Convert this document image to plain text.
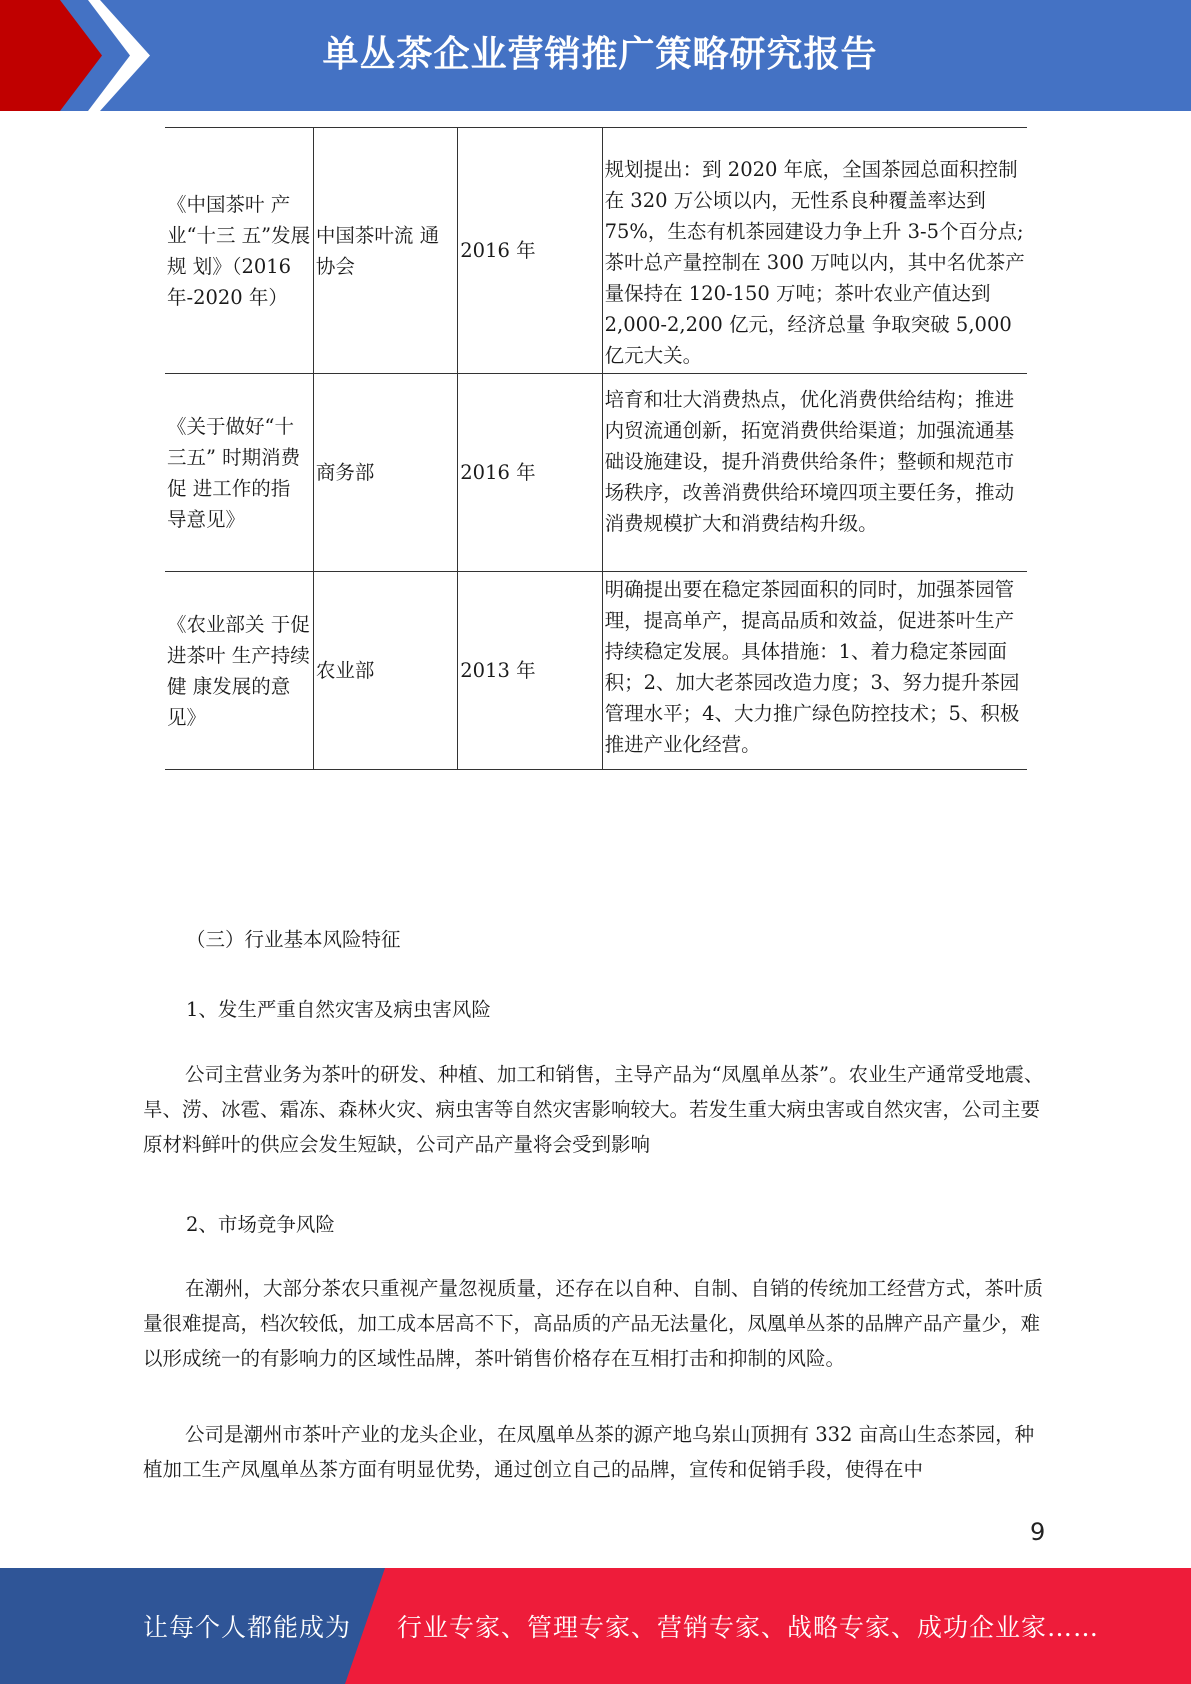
单丛茶企业营销推广策略研究报告
《中国茶叶 产业“十三 五”发展规 划》（2016 年-2020 年）	中国茶叶流 通协会	2016 年	规划提出：到 2020 年底，全国茶园总面积控制在 320 万公顷以内，无性系良种覆盖率达到 75%，生态有机茶园建设力争上升 3-5个百分点;茶叶总产量控制在 300 万吨以内，其中名优茶产量保持在 120-150 万吨；茶叶农业产值达到 2,000-2,200 亿元，经济总量 争取突破 5,000 亿元大关。
《关于做好“十三五” 时期消费促 进工作的指 导意见》	商务部	2016 年	培育和壮大消费热点，优化消费供给结构；推进内贸流通创新，拓宽消费供给渠道；加强流通基础设施建设，提升消费供给条件；整顿和规范市场秩序，改善消费供给环境四项主要任务，推动消费规模扩大和消费结构升级。
《农业部关 于促进茶叶 生产持续健 康发展的意 见》	农业部	2013 年	明确提出要在稳定茶园面积的同时，加强茶园管理，提高单产，提高品质和效益，促进茶叶生产持续稳定发展。具体措施：1、着力稳定茶园面积；2、加大老茶园改造力度；3、努力提升茶园管理水平；4、大力推广绿色防控技术；5、积极推进产业化经营。

（三）行业基本风险特征

1、发生严重自然灾害及病虫害风险

公司主营业务为茶叶的研发、种植、加工和销售，主导产品为“凤凰单丛茶”。农业生产通常受地震、旱、涝、冰雹、霜冻、森林火灾、病虫害等自然灾害影响较大。若发生重大病虫害或自然灾害，公司主要原材料鲜叶的供应会发生短缺，公司产品产量将会受到影响

2、市场竞争风险

在潮州，大部分茶农只重视产量忽视质量，还存在以自种、自制、自销的传统加工经营方式，茶叶质量很难提高，档次较低，加工成本居高不下，高品质的产品无法量化，凤凰单丛茶的品牌产品产量少，难以形成统一的有影响力的区域性品牌，茶叶销售价格存在互相打击和抑制的风险。

公司是潮州市茶叶产业的龙头企业，在凤凰单丛茶的源产地乌岽山顶拥有 332 亩高山生态茶园，种植加工生产凤凰单丛茶方面有明显优势，通过创立自己的品牌，宣传和促销手段，使得在中

9
让每个人都能成为 行业专家、管理专家、营销专家、战略专家、成功企业家……
